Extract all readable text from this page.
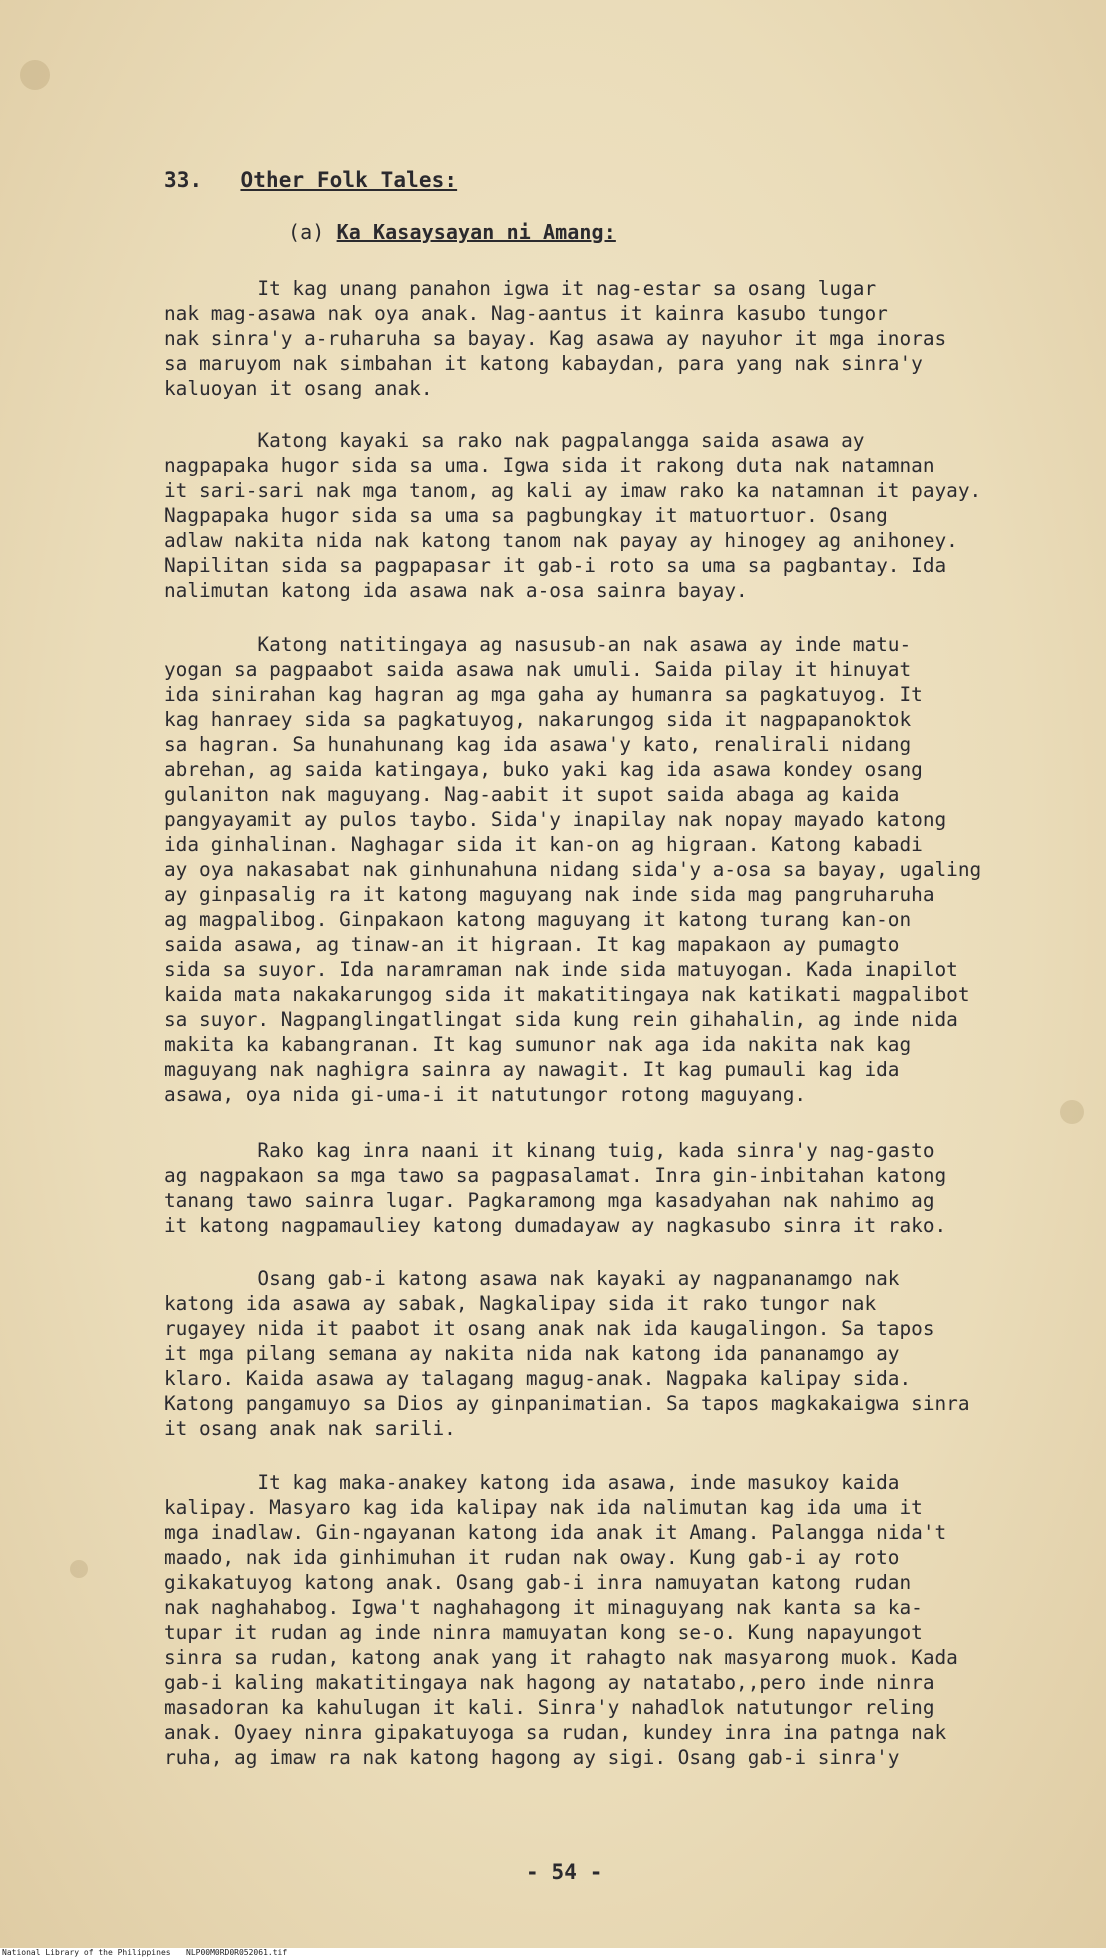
33. Other Folk Tales:
(a) Ka Kasaysayan ni Amang:
It kag unang panahon igwa it nag-estar sa osang lugar
nak mag-asawa nak oya anak. Nag-aantus it kainra kasubo tungor
nak sinra'y a-ruharuha sa bayay. Kag asawa ay nayuhor it mga inoras
sa maruyom nak simbahan it katong kabaydan, para yang nak sinra'y
kaluoyan it osang anak.
Katong kayaki sa rako nak pagpalangga saida asawa ay
nagpapaka hugor sida sa uma. Igwa sida it rakong duta nak natamnan
it sari-sari nak mga tanom, ag kali ay imaw rako ka natamnan it payay.
Nagpapaka hugor sida sa uma sa pagbungkay it matuortuor. Osang
adlaw nakita nida nak katong tanom nak payay ay hinogey ag anihoney.
Napilitan sida sa pagpapasar it gab-i roto sa uma sa pagbantay. Ida
nalimutan katong ida asawa nak a-osa sainra bayay.
Katong natitingaya ag nasusub-an nak asawa ay inde matu-
yogan sa pagpaabot saida asawa nak umuli. Saida pilay it hinuyat
ida sinirahan kag hagran ag mga gaha ay humanra sa pagkatuyog. It
kag hanraey sida sa pagkatuyog, nakarungog sida it nagpapanoktok
sa hagran. Sa hunahunang kag ida asawa'y kato, renalirali nidang
abrehan, ag saida katingaya, buko yaki kag ida asawa kondey osang
gulaniton nak maguyang. Nag-aabit it supot saida abaga ag kaida
pangyayamit ay pulos taybo. Sida'y inapilay nak nopay mayado katong
ida ginhalinan. Naghagar sida it kan-on ag higraan. Katong kabadi
ay oya nakasabat nak ginhunahuna nidang sida'y a-osa sa bayay, ugaling
ay ginpasalig ra it katong maguyang nak inde sida mag pangruharuha
ag magpalibog. Ginpakaon katong maguyang it katong turang kan-on
saida asawa, ag tinaw-an it higraan. It kag mapakaon ay pumagto
sida sa suyor. Ida naramraman nak inde sida matuyogan. Kada inapilot
kaida mata nakakarungog sida it makatitingaya nak katikati magpalibot
sa suyor. Nagpanglingatlingat sida kung rein gihahalin, ag inde nida
makita ka kabangranan. It kag sumunor nak aga ida nakita nak kag
maguyang nak naghigra sainra ay nawagit. It kag pumauli kag ida
asawa, oya nida gi-uma-i it natutungor rotong maguyang.
Rako kag inra naani it kinang tuig, kada sinra'y nag-gasto
ag nagpakaon sa mga tawo sa pagpasalamat. Inra gin-inbitahan katong
tanang tawo sainra lugar. Pagkaramong mga kasadyahan nak nahimo ag
it katong nagpamauliey katong dumadayaw ay nagkasubo sinra it rako.
Osang gab-i katong asawa nak kayaki ay nagpananamgo nak
katong ida asawa ay sabak, Nagkalipay sida it rako tungor nak
rugayey nida it paabot it osang anak nak ida kaugalingon. Sa tapos
it mga pilang semana ay nakita nida nak katong ida pananamgo ay
klaro. Kaida asawa ay talagang magug-anak. Nagpaka kalipay sida.
Katong pangamuyo sa Dios ay ginpanimatian. Sa tapos magkakaigwa sinra
it osang anak nak sarili.
It kag maka-anakey katong ida asawa, inde masukoy kaida
kalipay. Masyaro kag ida kalipay nak ida nalimutan kag ida uma it
mga inadlaw. Gin-ngayanan katong ida anak it Amang. Palangga nida't
maado, nak ida ginhimuhan it rudan nak oway. Kung gab-i ay roto
gikakatuyog katong anak. Osang gab-i inra namuyatan katong rudan
nak naghahabog. Igwa't naghahagong it minaguyang nak kanta sa ka-
tupar it rudan ag inde ninra mamuyatan kong se-o. Kung napayungot
sinra sa rudan, katong anak yang it rahagto nak masyarong muok. Kada
gab-i kaling makatitingaya nak hagong ay natatabo,,pero inde ninra
masadoran ka kahulugan it kali. Sinra'y nahadlok natutungor reling
anak. Oyaey ninra gipakatuyoga sa rudan, kundey inra ina patnga nak
ruha, ag imaw ra nak katong hagong ay sigi. Osang gab-i sinra'y
- 54 -
National Library of the Philippines NLP00M0RD0R052061.tif
